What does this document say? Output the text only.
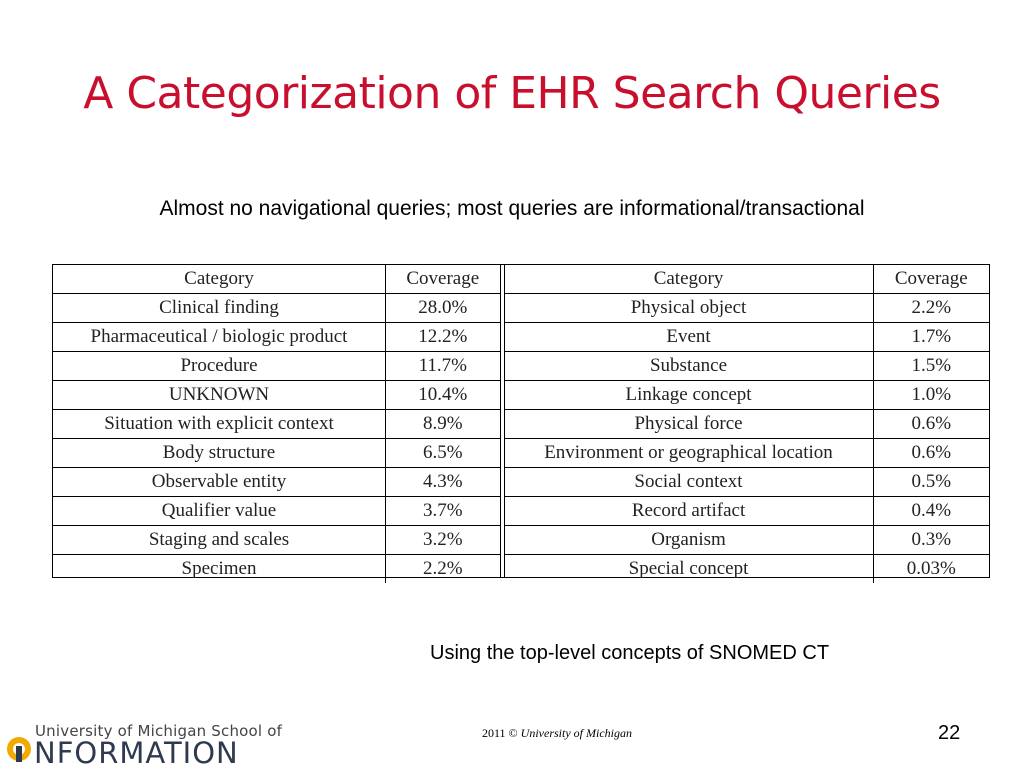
A Categorization of EHR Search Queries
Almost no navigational queries; most queries are informational/transactional
Category	Coverage
Clinical finding	28.0%
Pharmaceutical / biologic product	12.2%
Procedure	11.7%
UNKNOWN	10.4%
Situation with explicit context	8.9%
Body structure	6.5%
Observable entity	4.3%
Qualifier value	3.7%
Staging and scales	3.2%
Specimen	2.2%
Category	Coverage
Physical object	2.2%
Event	1.7%
Substance	1.5%
Linkage concept	1.0%
Physical force	0.6%
Environment or geographical location	0.6%
Social context	0.5%
Record artifact	0.4%
Organism	0.3%
Special concept	0.03%
Using the top-level concepts of SNOMED CT
University of Michigan School of
NFORMATION
2011 © University of Michigan	22
